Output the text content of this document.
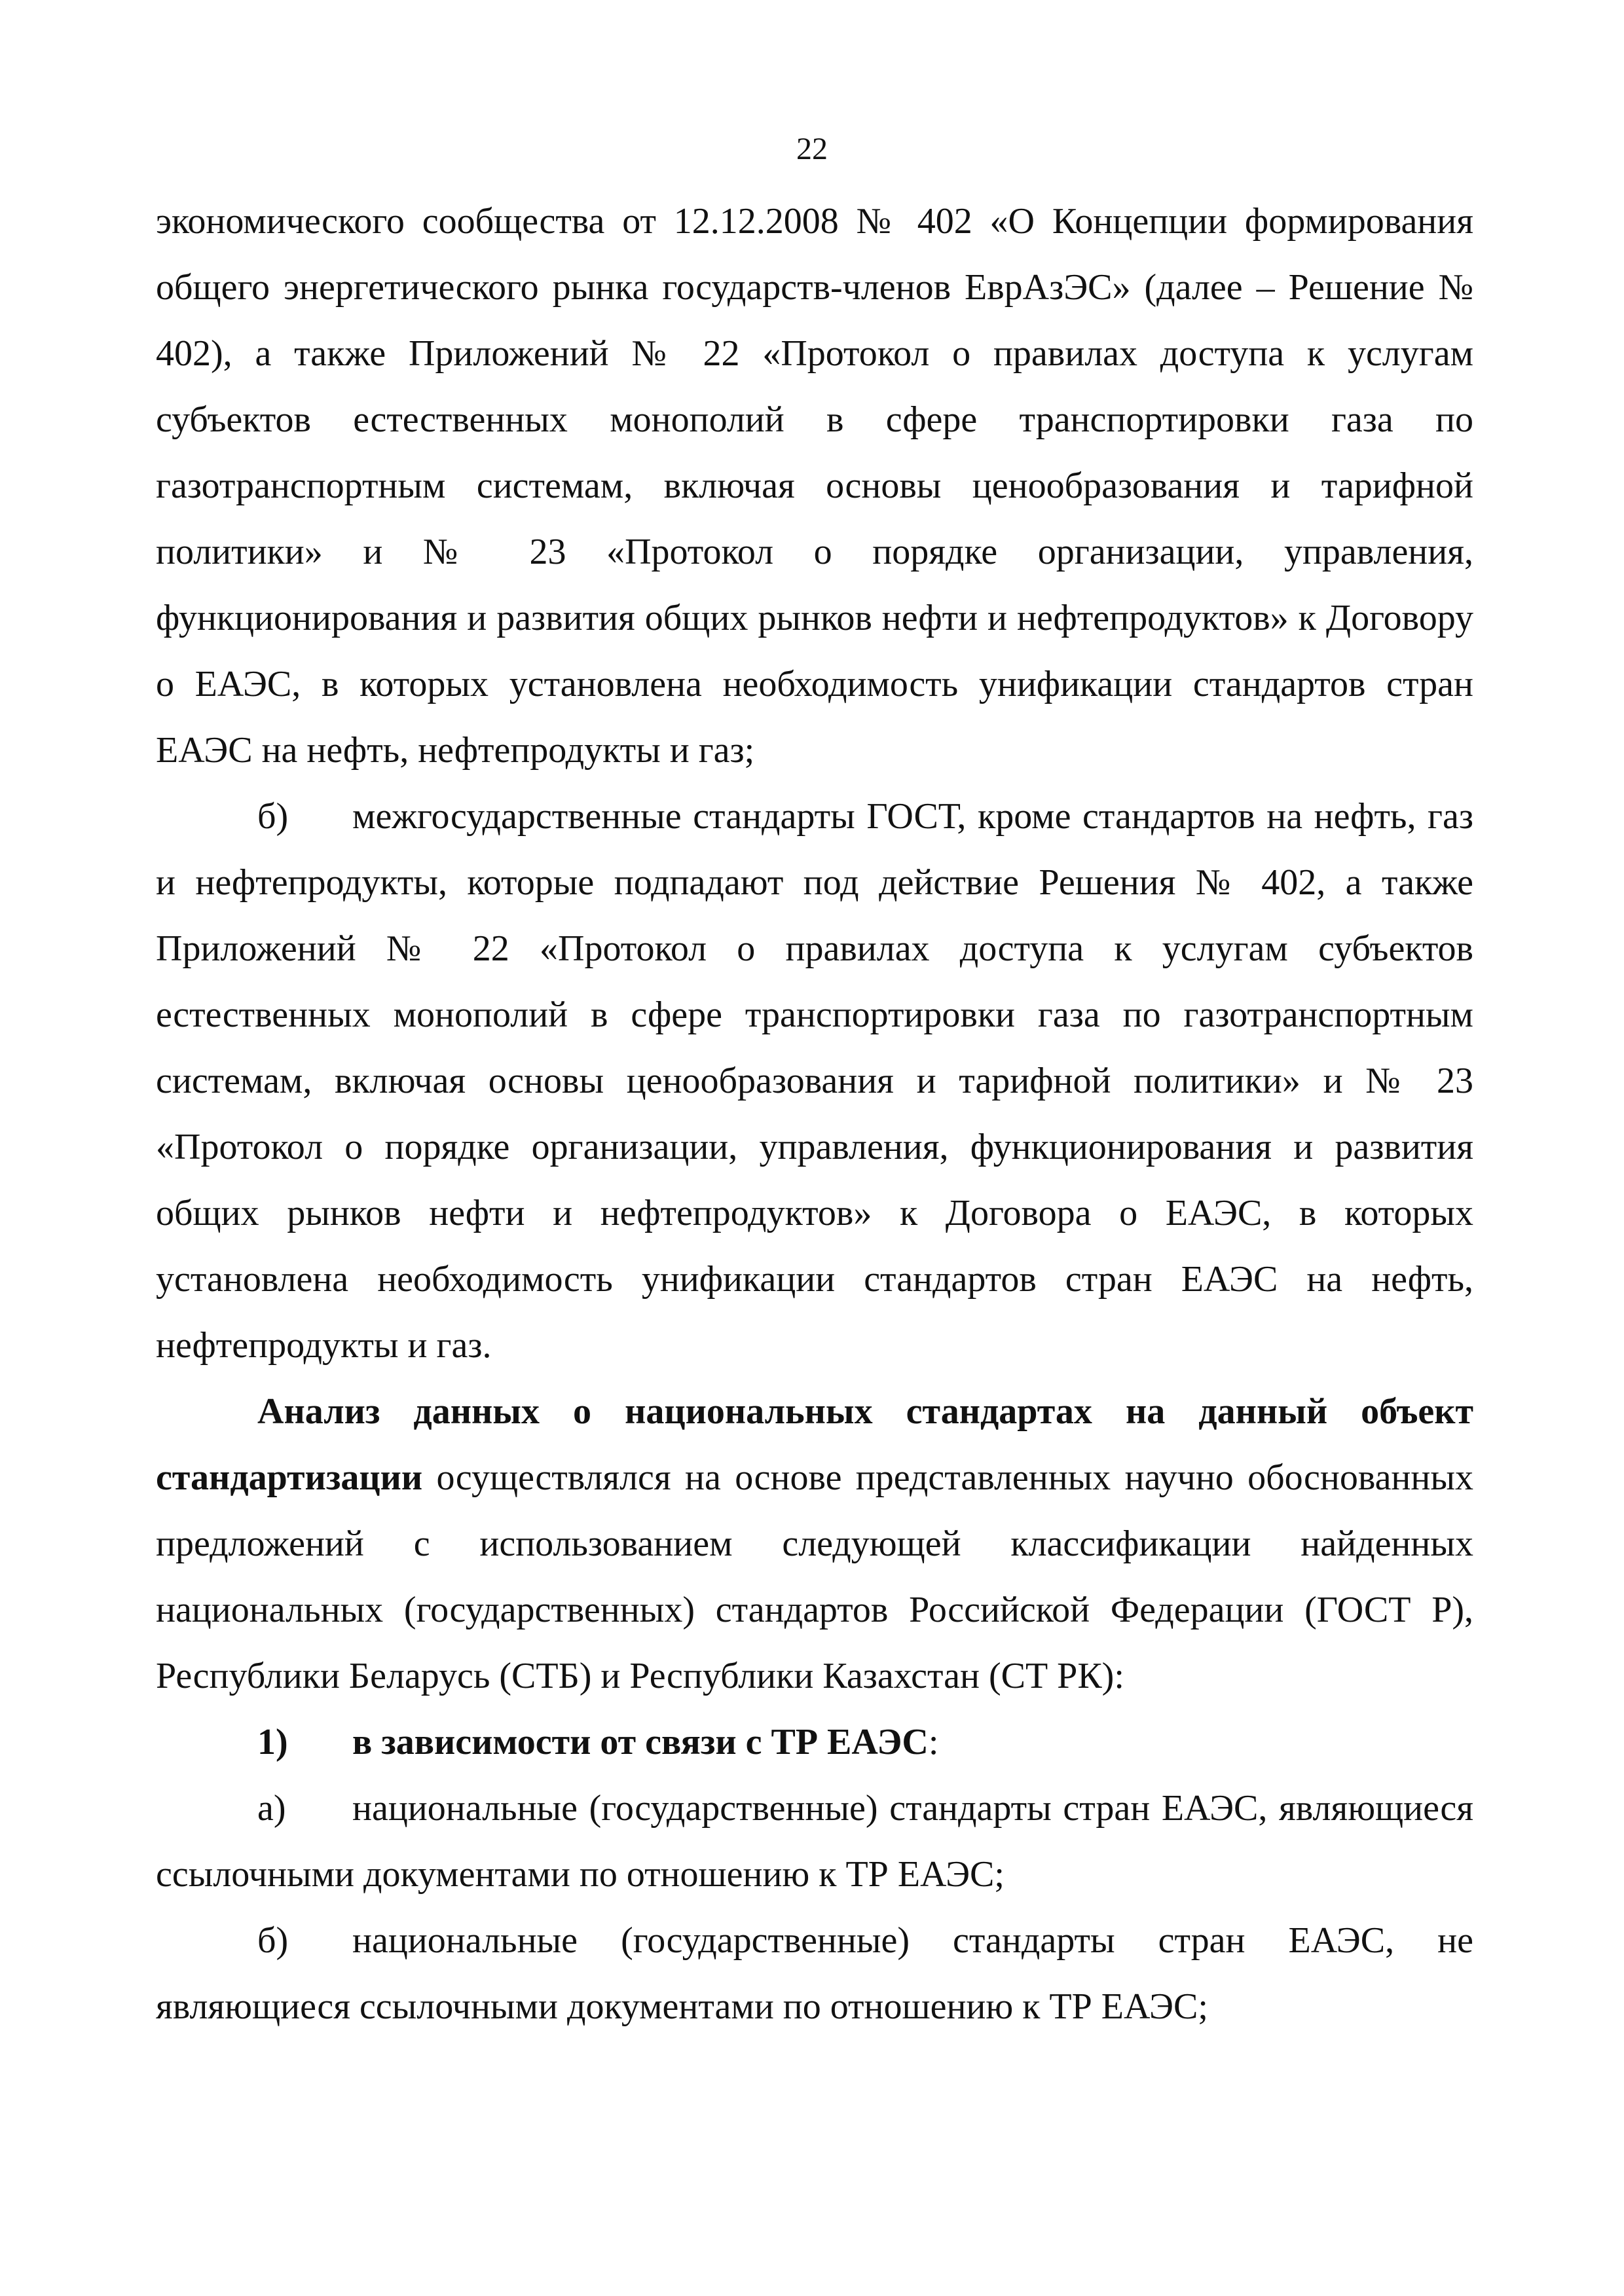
22

экономического сообщества от 12.12.2008 № 402 «О Концепции формирования общего энергетического рынка государств-членов ЕврАзЭС» (далее – Решение № 402), а также Приложений № 22 «Протокол о правилах доступа к услугам субъектов естественных монополий в сфере транспортировки газа по газотранспортным системам, включая основы ценообразования и тарифной политики» и № 23 «Протокол о порядке организации, управления, функционирования и развития общих рынков нефти и нефтепродуктов» к Договору о ЕАЭС, в которых установлена необходимость унификации стандартов стран ЕАЭС на нефть, нефтепродукты и газ;

б) межгосударственные стандарты ГОСТ, кроме стандартов на нефть, газ и нефтепродукты, которые подпадают под действие Решения № 402, а также Приложений № 22 «Протокол о правилах доступа к услугам субъектов естественных монополий в сфере транспортировки газа по газотранспортным системам, включая основы ценообразования и тарифной политики» и № 23 «Протокол о порядке организации, управления, функционирования и развития общих рынков нефти и нефтепродуктов» к Договора о ЕАЭС, в которых установлена необходимость унификации стандартов стран ЕАЭС на нефть, нефтепродукты и газ.

Анализ данных о национальных стандартах на данный объект стандартизации осуществлялся на основе представленных научно обоснованных предложений с использованием следующей классификации найденных национальных (государственных) стандартов Российской Федерации (ГОСТ Р), Республики Беларусь (СТБ) и Республики Казахстан (СТ РК):

1) в зависимости от связи с ТР ЕАЭС:

а) национальные (государственные) стандарты стран ЕАЭС, являющиеся ссылочными документами по отношению к ТР ЕАЭС;

б) национальные (государственные) стандарты стран ЕАЭС, не являющиеся ссылочными документами по отношению к ТР ЕАЭС;
